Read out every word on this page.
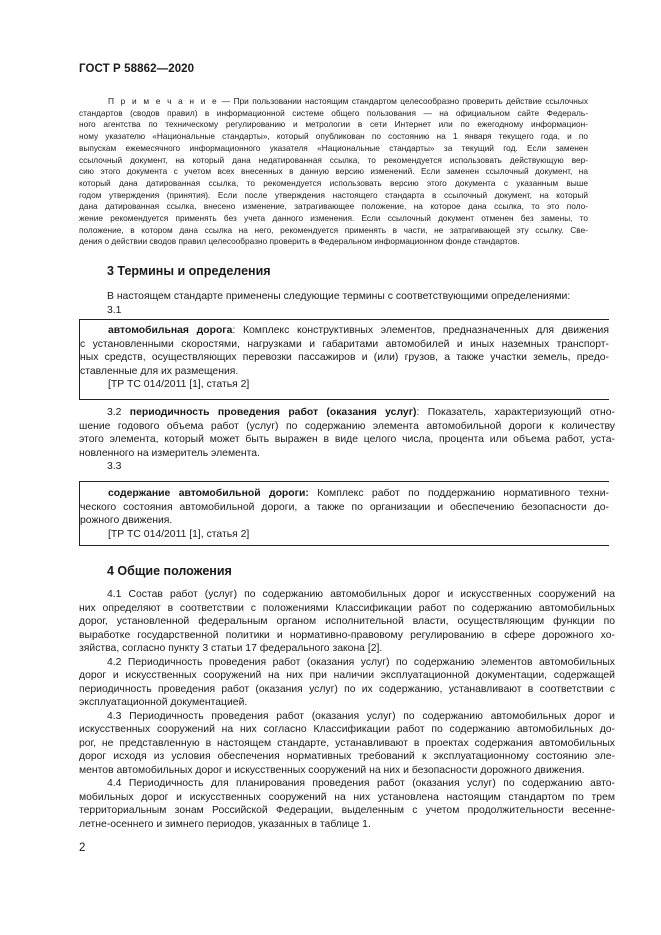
ГОСТ Р 58862—2020
П р и м е ч а н и е — При пользовании настоящим стандартом целесообразно проверить действие ссылочных
стандартов (сводов правил) в информационной системе общего пользования — на официальном сайте Федераль-
ного агентства по техническому регулированию и метрологии в сети Интернет или по ежегодному информацион-
ному указателю «Национальные стандарты», который опубликован по состоянию на 1 января текущего года, и по
выпускам ежемесячного информационного указателя «Национальные стандарты» за текущий год. Если заменен
ссылочный документ, на который дана недатированная ссылка, то рекомендуется использовать действующую вер-
сию этого документа с учетом всех внесенных в данную версию изменений. Если заменен ссылочный документ, на
который дана датированная ссылка, то рекомендуется использовать версию этого документа с указанным выше
годом утверждения (принятия). Если после утверждения настоящего стандарта в ссылочный документ, на который
дана датированная ссылка, внесено изменение, затрагивающее положение, на которое дана ссылка, то это поло-
жение рекомендуется применять без учета данного изменения. Если ссылочный документ отменен без замены, то
положение, в котором дана ссылка на него, рекомендуется применять в части, не затрагивающей эту ссылку. Све-
дения о действии сводов правил целесообразно проверить в Федеральном информационном фонде стандартов.
3 Термины и определения
В настоящем стандарте применены следующие термины с соответствующими определениями:
3.1
автомобильная дорога: Комплекс конструктивных элементов, предназначенных для движения
с установленными скоростями, нагрузками и габаритами автомобилей и иных наземных транспорт-
ных средств, осуществляющих перевозки пассажиров и (или) грузов, а также участки земель, предо-
ставленные для их размещения.
[ТР ТС 014/2011 [1], статья 2]
3.2 периодичность проведения работ (оказания услуг): Показатель, характеризующий отно-
шение годового объема работ (услуг) по содержанию элемента автомобильной дороги к количеству
этого элемента, который может быть выражен в виде целого числа, процента или объема работ, уста-
новленного на измеритель элемента.
3.3
содержание автомобильной дороги: Комплекс работ по поддержанию нормативного техни-
ческого состояния автомобильной дороги, а также по организации и обеспечению безопасности до-
рожного движения.
[ТР ТС 014/2011 [1], статья 2]
4 Общие положения
4.1 Состав работ (услуг) по содержанию автомобильных дорог и искусственных сооружений на
них определяют в соответствии с положениями Классификации работ по содержанию автомобильных
дорог, установленной федеральным органом исполнительной власти, осуществляющим функции по
выработке государственной политики и нормативно-правовому регулированию в сфере дорожного хо-
зяйства, согласно пункту 3 статьи 17 федерального закона [2].
4.2 Периодичность проведения работ (оказания услуг) по содержанию элементов автомобильных
дорог и искусственных сооружений на них при наличии эксплуатационной документации, содержащей
периодичность проведения работ (оказания услуг) по их содержанию, устанавливают в соответствии с
эксплуатационной документацией.
4.3 Периодичность проведения работ (оказания услуг) по содержанию автомобильных дорог и
искусственных сооружений на них согласно Классификации работ по содержанию автомобильных до-
рог, не представленную в настоящем стандарте, устанавливают в проектах содержания автомобильных
дорог исходя из условия обеспечения нормативных требований к эксплуатационному состоянию эле-
ментов автомобильных дорог и искусственных сооружений на них и безопасности дорожного движения.
4.4 Периодичность для планирования проведения работ (оказания услуг) по содержанию авто-
мобильных дорог и искусственных сооружений на них установлена настоящим стандартом по трем
территориальным зонам Российской Федерации, выделенным с учетом продолжительности весенне-
летне-осеннего и зимнего периодов, указанных в таблице 1.
2
